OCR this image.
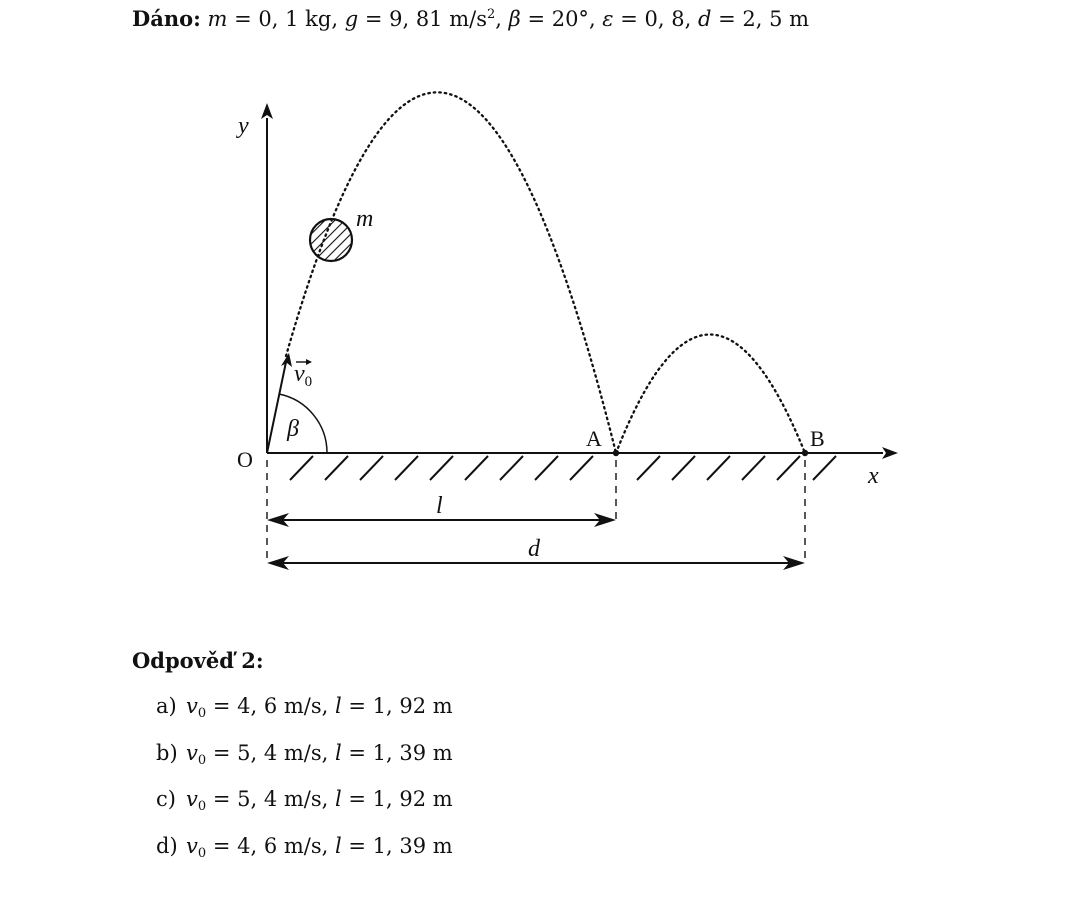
Dáno: m = 0, 1 kg, g = 9, 81 $m/s^2$, β = 20°, ε = 0, 8, d = 2, 5 m
y
x
$v_0$
β
m
O
A	B
l
d
Odpověď 2:
a) $v_0 = 4$, 6 m/s, l = 1, 92 m
b) $v_0 = 5$, 4 m/s, l = 1, 39 m
c) $v_0 = 5$, 4 m/s, l = 1, 92 m
d) $v_0 = 4$, 6 m/s, l = 1, 39 m
